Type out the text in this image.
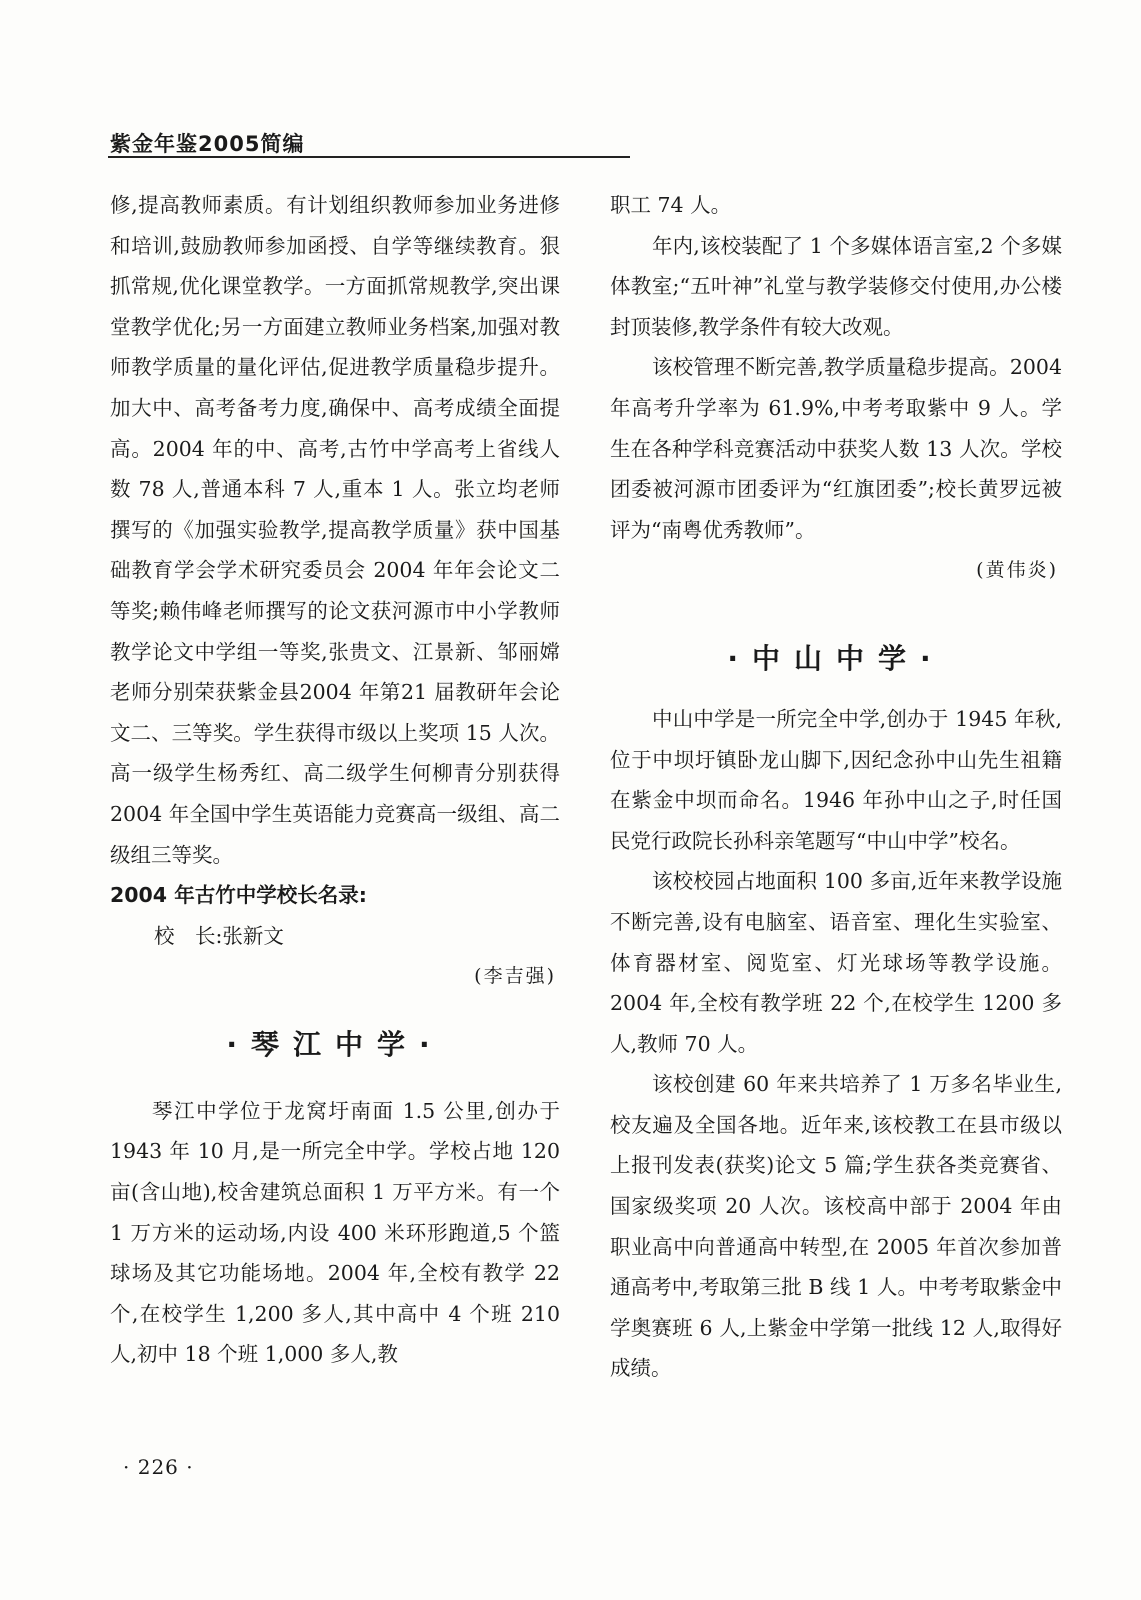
紫金年鉴2005简编

修,提高教师素质。有计划组织教师参加业务进修和培训,鼓励教师参加函授、自学等继续教育。狠抓常规,优化课堂教学。一方面抓常规教学,突出课堂教学优化;另一方面建立教师业务档案,加强对教师教学质量的量化评估,促进教学质量稳步提升。加大中、高考备考力度,确保中、高考成绩全面提高。2004 年的中、高考,古竹中学高考上省线人数 78 人,普通本科 7 人,重本 1 人。张立均老师撰写的《加强实验教学,提高教学质量》获中国基础教育学会学术研究委员会 2004 年年会论文二等奖;赖伟峰老师撰写的论文获河源市中小学教师教学论文中学组一等奖,张贵文、江景新、邹丽嫦老师分别荣获紫金县2004 年第21 届教研年会论文二、三等奖。学生获得市级以上奖项 15 人次。高一级学生杨秀红、高二级学生何柳青分别获得 2004 年全国中学生英语能力竞赛高一级组、高二级组三等奖。

2004 年古竹中学校长名录:

校　长:张新文

(李吉强)

·琴江中学·

琴江中学位于龙窝圩南面 1.5 公里,创办于 1943 年 10 月,是一所完全中学。学校占地 120 亩(含山地),校舍建筑总面积 1 万平方米。有一个 1 万方米的运动场,内设 400 米环形跑道,5 个篮球场及其它功能场地。2004 年,全校有教学 22 个,在校学生 1,200 多人,其中高中 4 个班 210 人,初中 18 个班 1,000 多人,教

职工 74 人。

年内,该校装配了 1 个多媒体语言室,2 个多媒体教室;“五叶神”礼堂与教学装修交付使用,办公楼封顶装修,教学条件有较大改观。

该校管理不断完善,教学质量稳步提高。2004 年高考升学率为 61.9%,中考考取紫中 9 人。学生在各种学科竞赛活动中获奖人数 13 人次。学校团委被河源市团委评为“红旗团委”;校长黄罗远被评为“南粤优秀教师”。

(黄伟炎)

·中山中学·

中山中学是一所完全中学,创办于 1945 年秋,位于中坝圩镇卧龙山脚下,因纪念孙中山先生祖籍在紫金中坝而命名。1946 年孙中山之子,时任国民党行政院长孙科亲笔题写“中山中学”校名。

该校校园占地面积 100 多亩,近年来教学设施不断完善,设有电脑室、语音室、理化生实验室、体育器材室、阅览室、灯光球场等教学设施。2004 年,全校有教学班 22 个,在校学生 1200 多人,教师 70 人。

该校创建 60 年来共培养了 1 万多名毕业生,校友遍及全国各地。近年来,该校教工在县市级以上报刊发表(获奖)论文 5 篇;学生获各类竞赛省、国家级奖项 20 人次。该校高中部于 2004 年由职业高中向普通高中转型,在 2005 年首次参加普通高考中,考取第三批 B 线 1 人。中考考取紫金中学奥赛班 6 人,上紫金中学第一批线 12 人,取得好成绩。

· 226 ·
